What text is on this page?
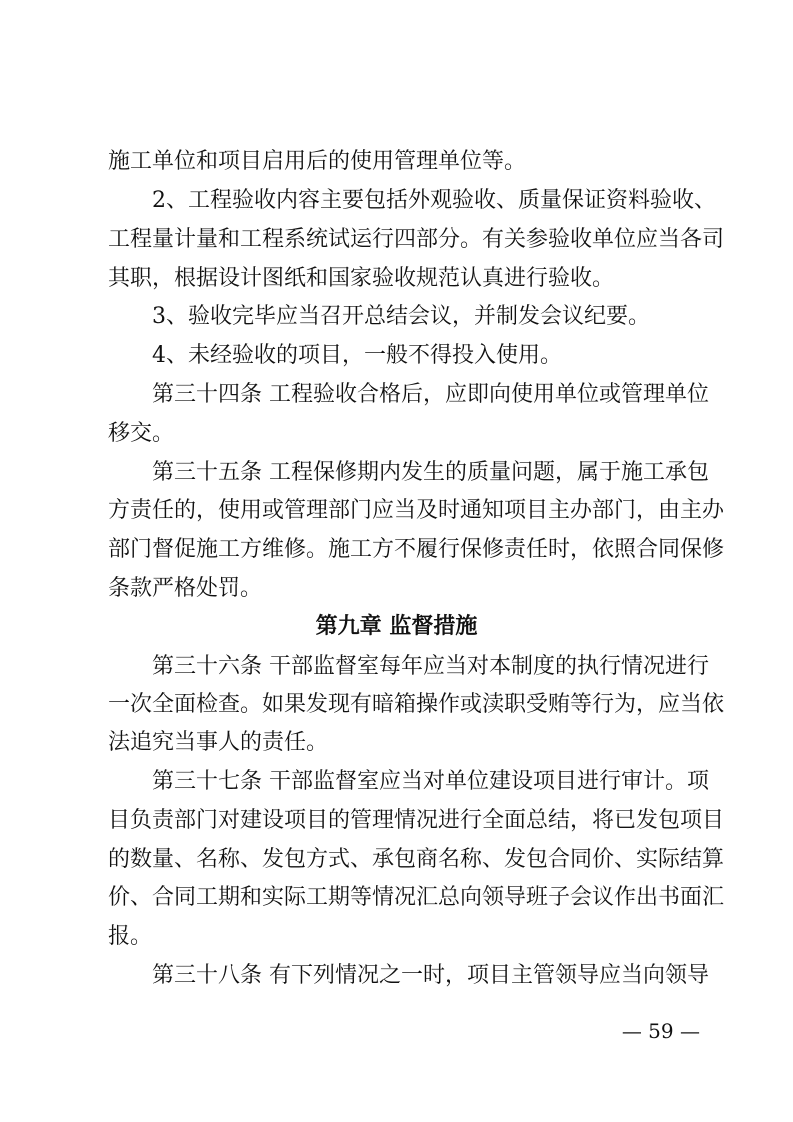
施工单位和项目启用后的使用管理单位等。
2、工程验收内容主要包括外观验收、质量保证资料验收、
工程量计量和工程系统试运行四部分。有关参验收单位应当各司
其职，根据设计图纸和国家验收规范认真进行验收。
3、验收完毕应当召开总结会议，并制发会议纪要。
4、未经验收的项目，一般不得投入使用。
第三十四条 工程验收合格后，应即向使用单位或管理单位
移交。
第三十五条 工程保修期内发生的质量问题，属于施工承包
方责任的，使用或管理部门应当及时通知项目主办部门，由主办
部门督促施工方维修。施工方不履行保修责任时，依照合同保修
条款严格处罚。
第九章 监督措施
第三十六条 干部监督室每年应当对本制度的执行情况进行
一次全面检查。如果发现有暗箱操作或渎职受贿等行为，应当依
法追究当事人的责任。
第三十七条 干部监督室应当对单位建设项目进行审计。项
目负责部门对建设项目的管理情况进行全面总结，将已发包项目
的数量、名称、发包方式、承包商名称、发包合同价、实际结算
价、合同工期和实际工期等情况汇总向领导班子会议作出书面汇
报。
第三十八条 有下列情况之一时，项目主管领导应当向领导
— 59 —
